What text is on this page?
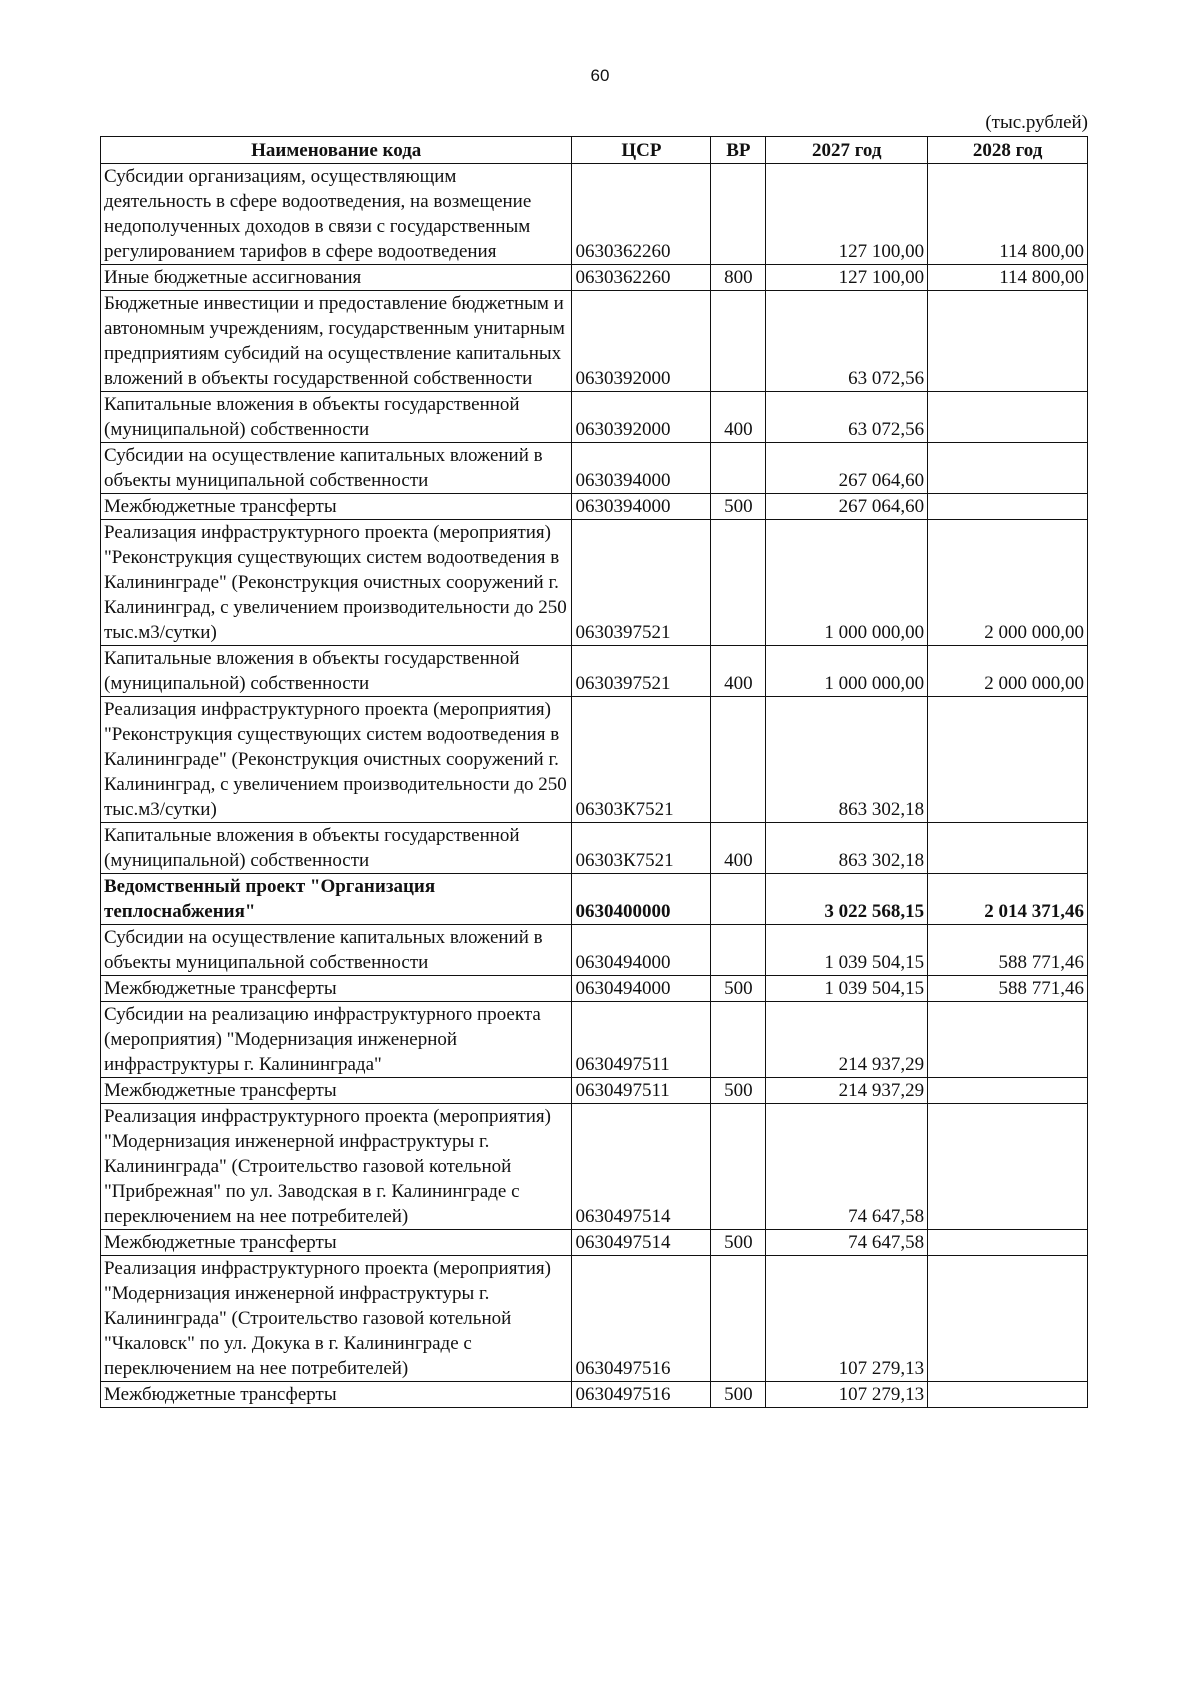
60
(тыс.рублей)
Наименование кода	ЦСР	ВР	2027 год	2028 год
Субсидии организациям, осуществляющим деятельность в сфере водоотведения, на возмещение недополученных доходов в связи с государственным регулированием тарифов в сфере водоотведения	0630362260		127 100,00	114 800,00
Иные бюджетные ассигнования	0630362260	800	127 100,00	114 800,00
Бюджетные инвестиции и предоставление бюджетным и автономным учреждениям, государственным унитарным предприятиям субсидий на осуществление капитальных вложений в объекты государственной собственности	0630392000		63 072,56	
Капитальные вложения в объекты государственной (муниципальной) собственности	0630392000	400	63 072,56	
Субсидии на осуществление капитальных вложений в объекты муниципальной собственности	0630394000		267 064,60	
Межбюджетные трансферты	0630394000	500	267 064,60	
Реализация инфраструктурного проекта (мероприятия) "Реконструкция существующих систем водоотведения в Калининграде" (Реконструкция очистных сооружений г. Калининград, с увеличением производительности до 250 тыс.м3/сутки)	0630397521		1 000 000,00	2 000 000,00
Капитальные вложения в объекты государственной (муниципальной) собственности	0630397521	400	1 000 000,00	2 000 000,00
Реализация инфраструктурного проекта (мероприятия) "Реконструкция существующих систем водоотведения в Калининграде" (Реконструкция очистных сооружений г. Калининград, с увеличением производительности до 250 тыс.м3/сутки)	06303К7521		863 302,18	
Капитальные вложения в объекты государственной (муниципальной) собственности	06303К7521	400	863 302,18	
Ведомственный проект "Организация теплоснабжения"	0630400000		3 022 568,15	2 014 371,46
Субсидии на осуществление капитальных вложений в объекты муниципальной собственности	0630494000		1 039 504,15	588 771,46
Межбюджетные трансферты	0630494000	500	1 039 504,15	588 771,46
Субсидии на реализацию инфраструктурного проекта (мероприятия) "Модернизация инженерной инфраструктуры г. Калининграда"	0630497511		214 937,29	
Межбюджетные трансферты	0630497511	500	214 937,29	
Реализация инфраструктурного проекта (мероприятия) "Модернизация инженерной инфраструктуры г. Калининграда" (Строительство газовой котельной "Прибрежная" по ул. Заводская в г. Калининграде с переключением на нее потребителей)	0630497514		74 647,58	
Межбюджетные трансферты	0630497514	500	74 647,58	
Реализация инфраструктурного проекта (мероприятия) "Модернизация инженерной инфраструктуры г. Калининграда" (Строительство газовой котельной "Чкаловск" по ул. Докука в г. Калининграде с переключением на нее потребителей)	0630497516		107 279,13	
Межбюджетные трансферты	0630497516	500	107 279,13	
